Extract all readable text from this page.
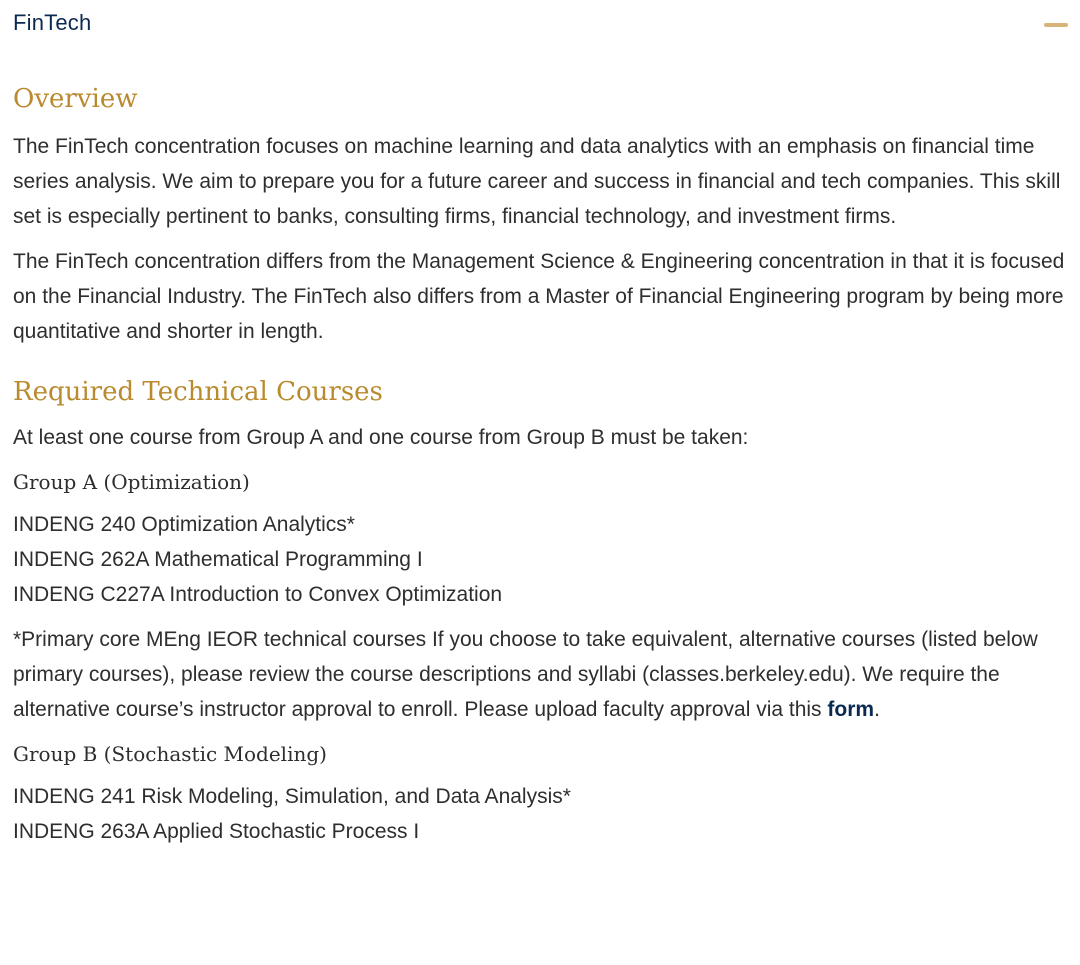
FinTech
Overview

The FinTech concentration focuses on machine learning and data analytics with an emphasis on financial time series analysis. We aim to prepare you for a future career and success in financial and tech companies. This skill set is especially pertinent to banks, consulting firms, financial technology, and investment firms.

The FinTech concentration differs from the Management Science & Engineering concentration in that it is focused on the Financial Industry. The FinTech also differs from a Master of Financial Engineering program by being more quantitative and shorter in length.

Required Technical Courses

At least one course from Group A and one course from Group B must be taken:

Group A (Optimization)
INDENG 240 Optimization Analytics*
INDENG 262A Mathematical Programming I
INDENG C227A Introduction to Convex Optimization

*Primary core MEng IEOR technical courses If you choose to take equivalent, alternative courses (listed below primary courses), please review the course descriptions and syllabi (classes.berkeley.edu). We require the alternative course’s instructor approval to enroll. Please upload faculty approval via this form.

Group B (Stochastic Modeling)
INDENG 241 Risk Modeling, Simulation, and Data Analysis*
INDENG 263A Applied Stochastic Process I
